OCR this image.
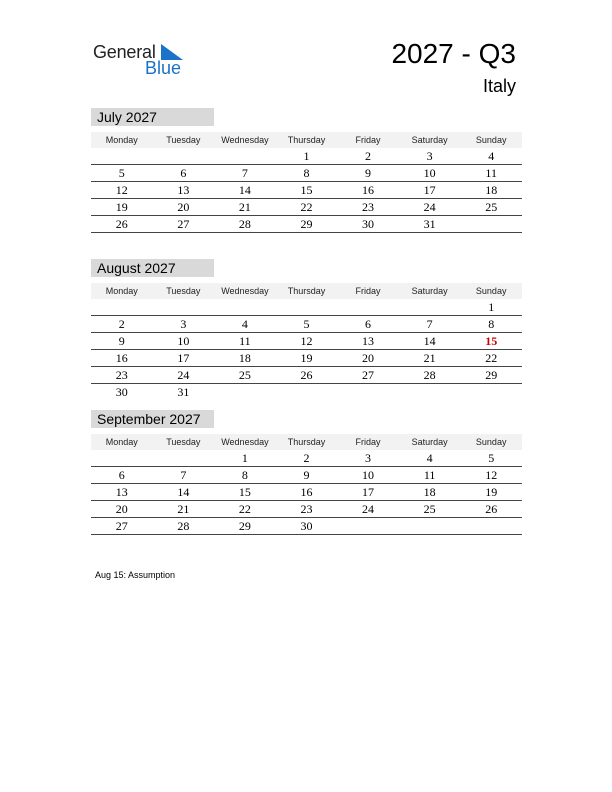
General
Blue	2027 - Q3
Italy
July 2027
Monday	Tuesday	Wednesday	Thursday	Friday	Saturday	Sunday
			1	2	3	4
5	6	7	8	9	10	11
12	13	14	15	16	17	18
19	20	21	22	23	24	25
26	27	28	29	30	31	
August 2027
Monday	Tuesday	Wednesday	Thursday	Friday	Saturday	Sunday
						1
2	3	4	5	6	7	8
9	10	11	12	13	14	15
16	17	18	19	20	21	22
23	24	25	26	27	28	29
30	31					
September 2027
Monday	Tuesday	Wednesday	Thursday	Friday	Saturday	Sunday
		1	2	3	4	5
6	7	8	9	10	11	12
13	14	15	16	17	18	19
20	21	22	23	24	25	26
27	28	29	30			
Aug 15: Assumption
